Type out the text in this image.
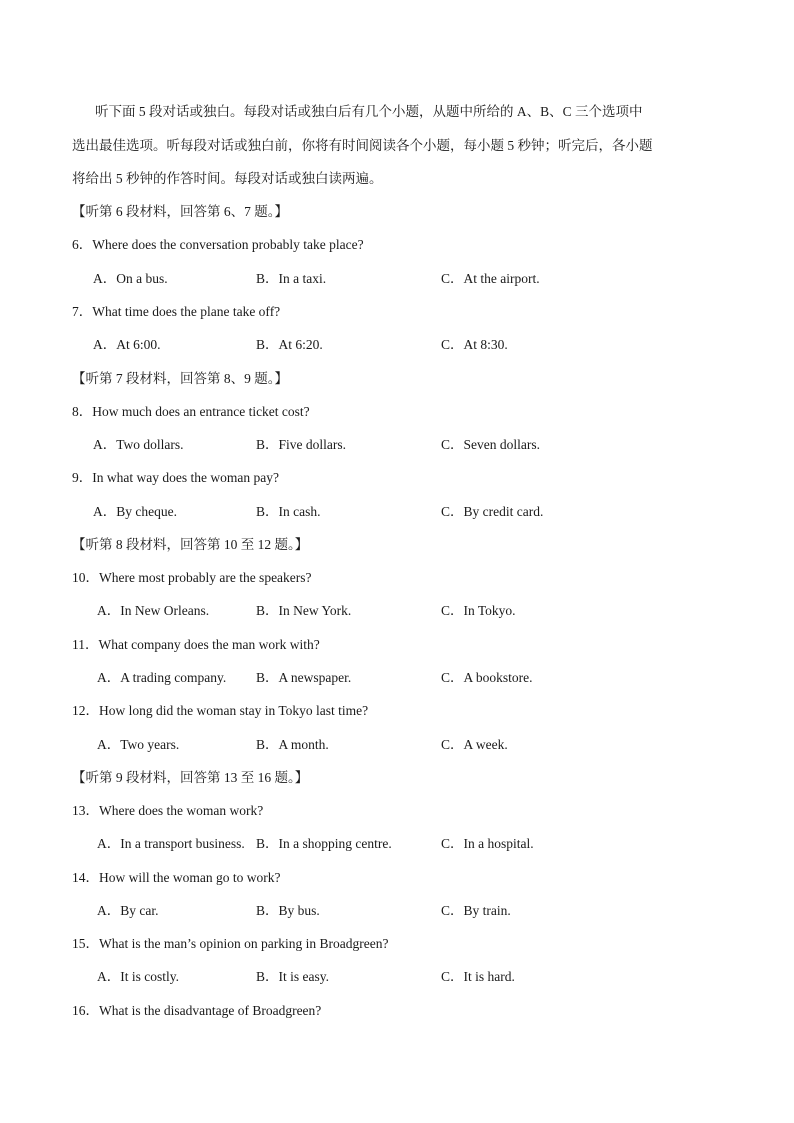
听下面 5 段对话或独白。每段对话或独白后有几个小题，从题中所给的 A、B、C 三个选项中
选出最佳选项。听每段对话或独白前，你将有时间阅读各个小题，每小题 5 秒钟；听完后，各小题
将给出 5 秒钟的作答时间。每段对话或独白读两遍。
【听第 6 段材料，回答第 6、7 题。】
6．Where does the conversation probably take place?
A．On a bus.	B．In a taxi.	C．At the airport.
7．What time does the plane take off?
A．At 6:00.	B．At 6:20.	C．At 8:30.
【听第 7 段材料，回答第 8、9 题。】
8．How much does an entrance ticket cost?
A．Two dollars.	B．Five dollars.	C．Seven dollars.
9．In what way does the woman pay?
A．By cheque.	B．In cash.	C．By credit card.
【听第 8 段材料，回答第 10 至 12 题。】
10．Where most probably are the speakers?
A．In New Orleans.	B．In New York.	C．In Tokyo.
11．What company does the man work with?
A．A trading company. B．A newspaper.	C．A bookstore.
12．How long did the woman stay in Tokyo last time?
A．Two years.	B．A month.	C．A week.
【听第 9 段材料，回答第 13 至 16 题。】
13．Where does the woman work?
A．In a transport business. B．In a shopping centre.	C．In a hospital.
14．How will the woman go to work?
A．By car.	B．By bus.	C．By train.
15．What is the man’s opinion on parking in Broadgreen?
A．It is costly.	B．It is easy.	C．It is hard.
16．What is the disadvantage of Broadgreen?
